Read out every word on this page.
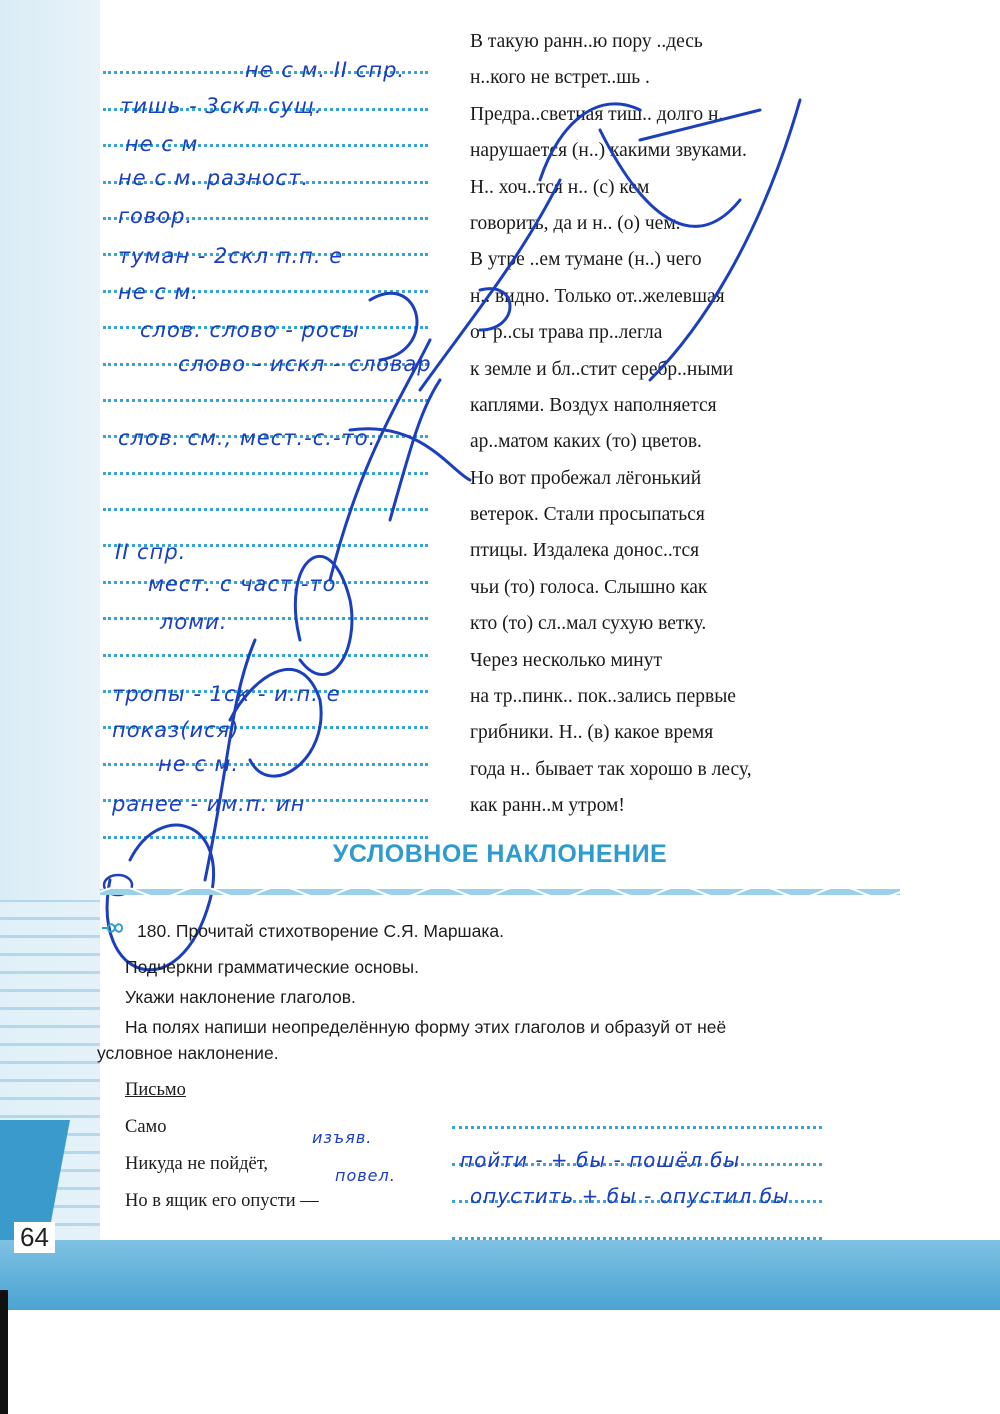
64
В такую ранн..ю пору ..десь
н..кого не встрет..шь .
Предра..светная тиш.. долго н..
нарушается (н..) какими звуками.
Н.. хоч..тся н.. (с) кем
говорить, да и н.. (о) чем.
В утре ..ем тумане (н..) чего
н.. видно. Только от..желевшая
от р..сы трава пр..легла
к земле и бл..стит серебр..ными
каплями. Воздух наполняется
ар..матом каких (то) цветов.
Но вот пробежал лёгонький
ветерок. Стали просыпаться
птицы. Издалека донос..тся
чьи (то) голоса. Слышно как
кто (то) сл..мал сухую ветку.
Через несколько минут
на тр..пинк.. пок..зались первые
грибники. Н.. (в) какое время
года н.. бывает так хорошо в лесу,
как ранн..м утром!
не с м. II спр.
тишь - 3скл сущ.
не с м
не с м. разност.
говор.
туман - 2скл п.п. е
не с м.
слов. слово - росы
слово - искл - словар
слов. см., мест.-с.-то.
II спр.
мест. с част.-то
ломи.
тропы - 1ск - и.п. е
показ(ися)
не с м.
ранее - им.п. ин
УСЛОВНОЕ НАКЛОНЕНИЕ
180. Прочитай стихотворение С.Я. Маршака.
Подчеркни грамматические основы.
Укажи наклонение глаголов.
На полях напиши неопределённую форму этих глаголов и образуй от неё
условное наклонение.
Письмо
Само
Никуда не пойдёт,
Но в ящик его опусти —
изъяв.
повел.
пойти - + бы - пошёл бы
опустить + бы - опустил бы
